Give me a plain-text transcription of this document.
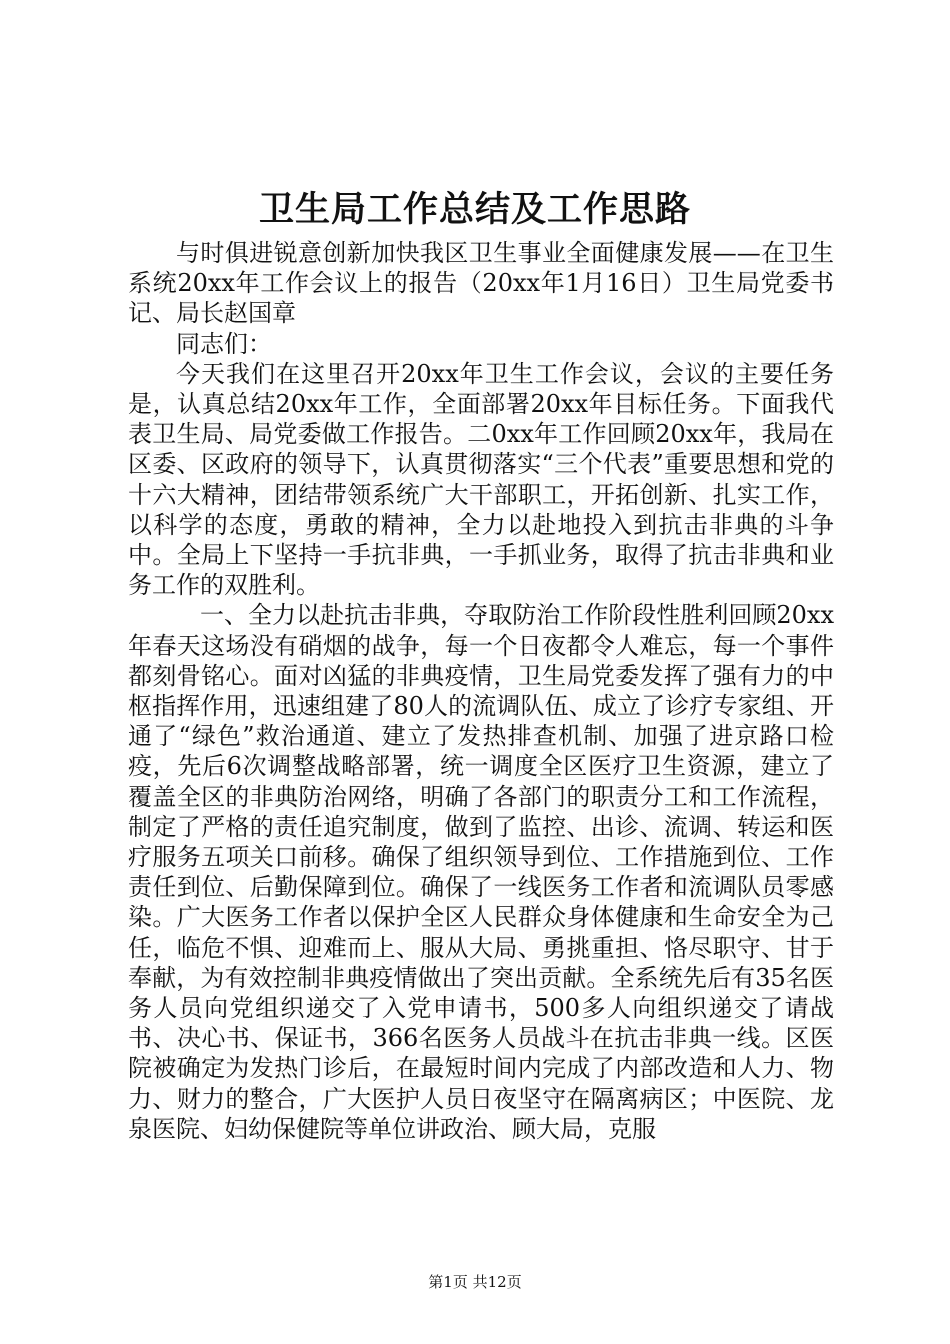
卫生局工作总结及工作思路

与时俱进锐意创新加快我区卫生事业全面健康发展——在卫生系统20xx年工作会议上的报告（20xx年1月16日）卫生局党委书记、局长赵国章

同志们：

今天我们在这里召开20xx年卫生工作会议，会议的主要任务是，认真总结20xx年工作，全面部署20xx年目标任务。下面我代表卫生局、局党委做工作报告。二0xx年工作回顾20xx年，我局在区委、区政府的领导下，认真贯彻落实“三个代表”重要思想和党的十六大精神，团结带领系统广大干部职工，开拓创新、扎实工作，以科学的态度，勇敢的精神，全力以赴地投入到抗击非典的斗争中。全局上下坚持一手抗非典，一手抓业务，取得了抗击非典和业务工作的双胜利。

一、全力以赴抗击非典，夺取防治工作阶段性胜利回顾20xx年春天这场没有硝烟的战争，每一个日夜都令人难忘，每一个事件都刻骨铭心。面对凶猛的非典疫情，卫生局党委发挥了强有力的中枢指挥作用，迅速组建了80人的流调队伍、成立了诊疗专家组、开通了“绿色”救治通道、建立了发热排查机制、加强了进京路口检疫，先后6次调整战略部署，统一调度全区医疗卫生资源，建立了覆盖全区的非典防治网络，明确了各部门的职责分工和工作流程，制定了严格的责任追究制度，做到了监控、出诊、流调、转运和医疗服务五项关口前移。确保了组织领导到位、工作措施到位、工作责任到位、后勤保障到位。确保了一线医务工作者和流调队员零感染。广大医务工作者以保护全区人民群众身体健康和生命安全为己任，临危不惧、迎难而上、服从大局、勇挑重担、恪尽职守、甘于奉献，为有效控制非典疫情做出了突出贡献。全系统先后有35名医务人员向党组织递交了入党申请书，500多人向组织递交了请战书、决心书、保证书，366名医务人员战斗在抗击非典一线。区医院被确定为发热门诊后，在最短时间内完成了内部改造和人力、物力、财力的整合，广大医护人员日夜坚守在隔离病区；中医院、龙泉医院、妇幼保健院等单位讲政治、顾大局，克服

第1页 共12页
